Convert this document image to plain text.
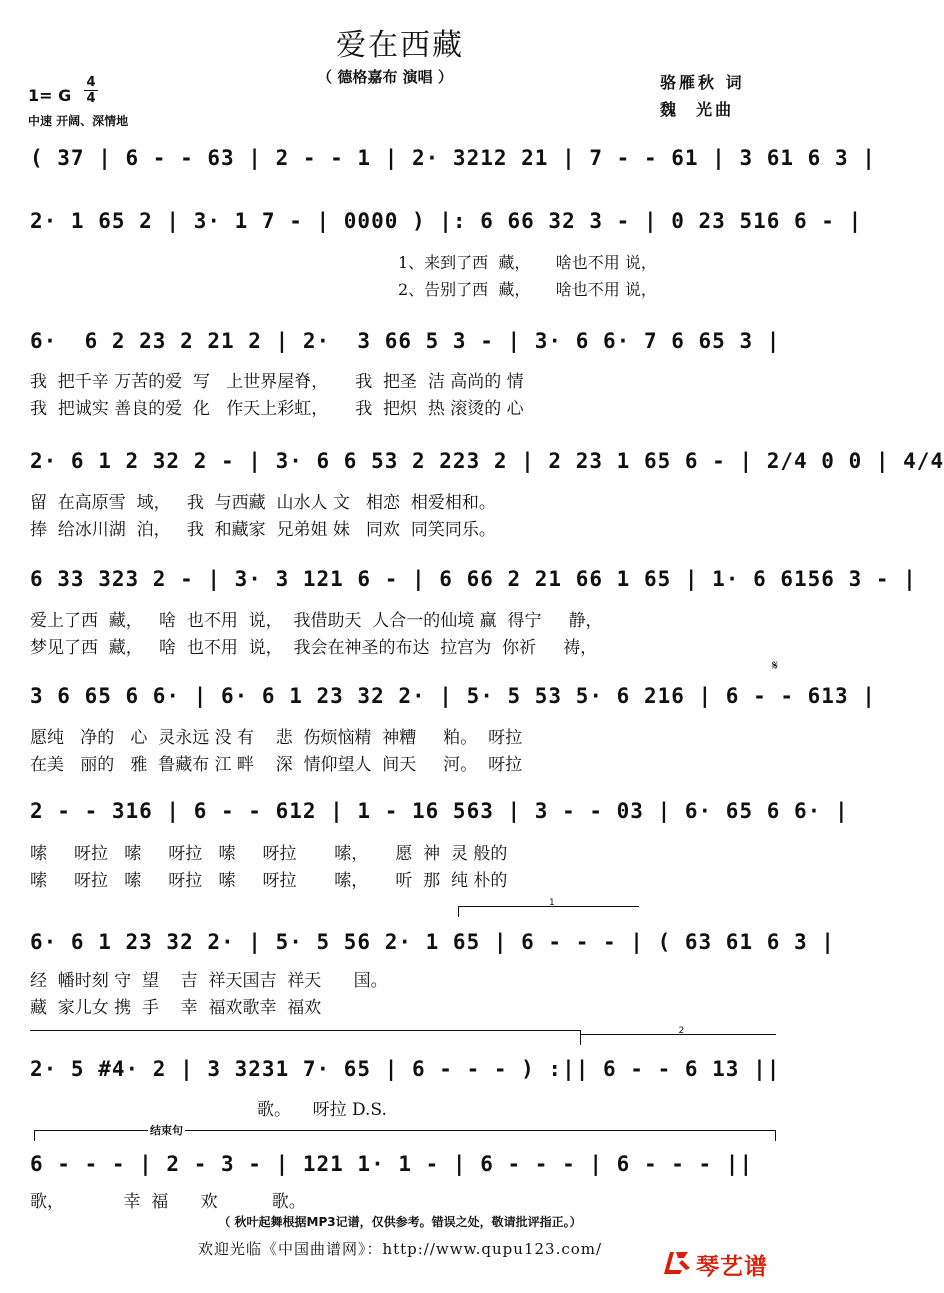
爱在西藏
（ 德格嘉布 演唱 ）	骆雁秋 词
魏  光曲
1= G
4
4
中速 开阔、深情地
( 37 | 6 - - 63 | 2 - - 1 | 2· 3212 21 | 7 - - 61 | 3 61 6 3 |
2· 1 65 2 | 3· 1 7 - | 0000 ) |: 6 66 32 3 - | 0 23 516 6 - |
1、来到了西  藏，     啥也不用 说，
2、告别了西  藏，     啥也不用 说，
6·  6 2 23 2 21 2 | 2·  3 66 5 3 - | 3· 6 6· 7 6 65 3 |
我  把千辛 万苦的爱  写   上世界屋脊，     我  把圣  洁 高尚的 情
我  把诚实 善良的爱  化   作天上彩虹，     我  把炽  热 滚烫的 心
2· 6 1 2 32 2 - | 3· 6 6 53 2 223 2 | 2 23 1 65 6 - | 2/4 0 0 | 4/4
留  在高原雪  域，   我  与西藏  山水人 文   相恋  相爱相和。
捧  给冰川湖  泊，   我  和藏家  兄弟姐 妹   同欢  同笑同乐。
6 33 323 2 - | 3· 3 121 6 - | 6 66 2 21 66 1 65 | 1· 6 6156 3 - |
爱上了西  藏，   啥  也不用  说，  我借助天  人合一的仙境 赢  得宁     静，
梦见了西  藏，   啥  也不用  说，  我会在神圣的布达  拉宫为  你祈     祷，
𝄋
3 6 65 6 6· | 6· 6 1 23 32 2· | 5· 5 53 5· 6 216 | 6 - - 613 |
愿纯   净的   心  灵永远 没 有    悲  伤烦恼精  神糟     粕。  呀拉
在美   丽的   雅  鲁藏布 江 畔    深  情仰望人  间天     河。  呀拉
2 - - 316 | 6 - - 612 | 1 - 16 563 | 3 - - 03 | 6· 65 6 6· |
嗦     呀拉   嗦     呀拉   嗦     呀拉       嗦，     愿  神  灵 般的
嗦     呀拉   嗦     呀拉   嗦     呀拉       嗦，     听  那  纯 朴的
1
6· 6 1 23 32 2· | 5· 5 56 2· 1 65 | 6 - - - | ( 63 61 6 3 |
经  幡时刻 守  望    吉  祥天国吉  祥天      国。
藏  家儿女 携  手    幸  福欢歌幸  福欢
2
2· 5 #4· 2 | 3 3231 7· 65 | 6 - - - ) :|| 6 - - 6 13 ||
歌。    呀拉 D.S.
结束句
6 - - - | 2 - 3 - | 121 1· 1 - | 6 - - - | 6 - - - ||
歌，           幸  福      欢          歌。
（ 秋叶起舞根据MP3记谱，仅供参考。错误之处，敬请批评指正。）
欢迎光临《中国曲谱网》：http://www.qupu123.com/
琴艺谱
